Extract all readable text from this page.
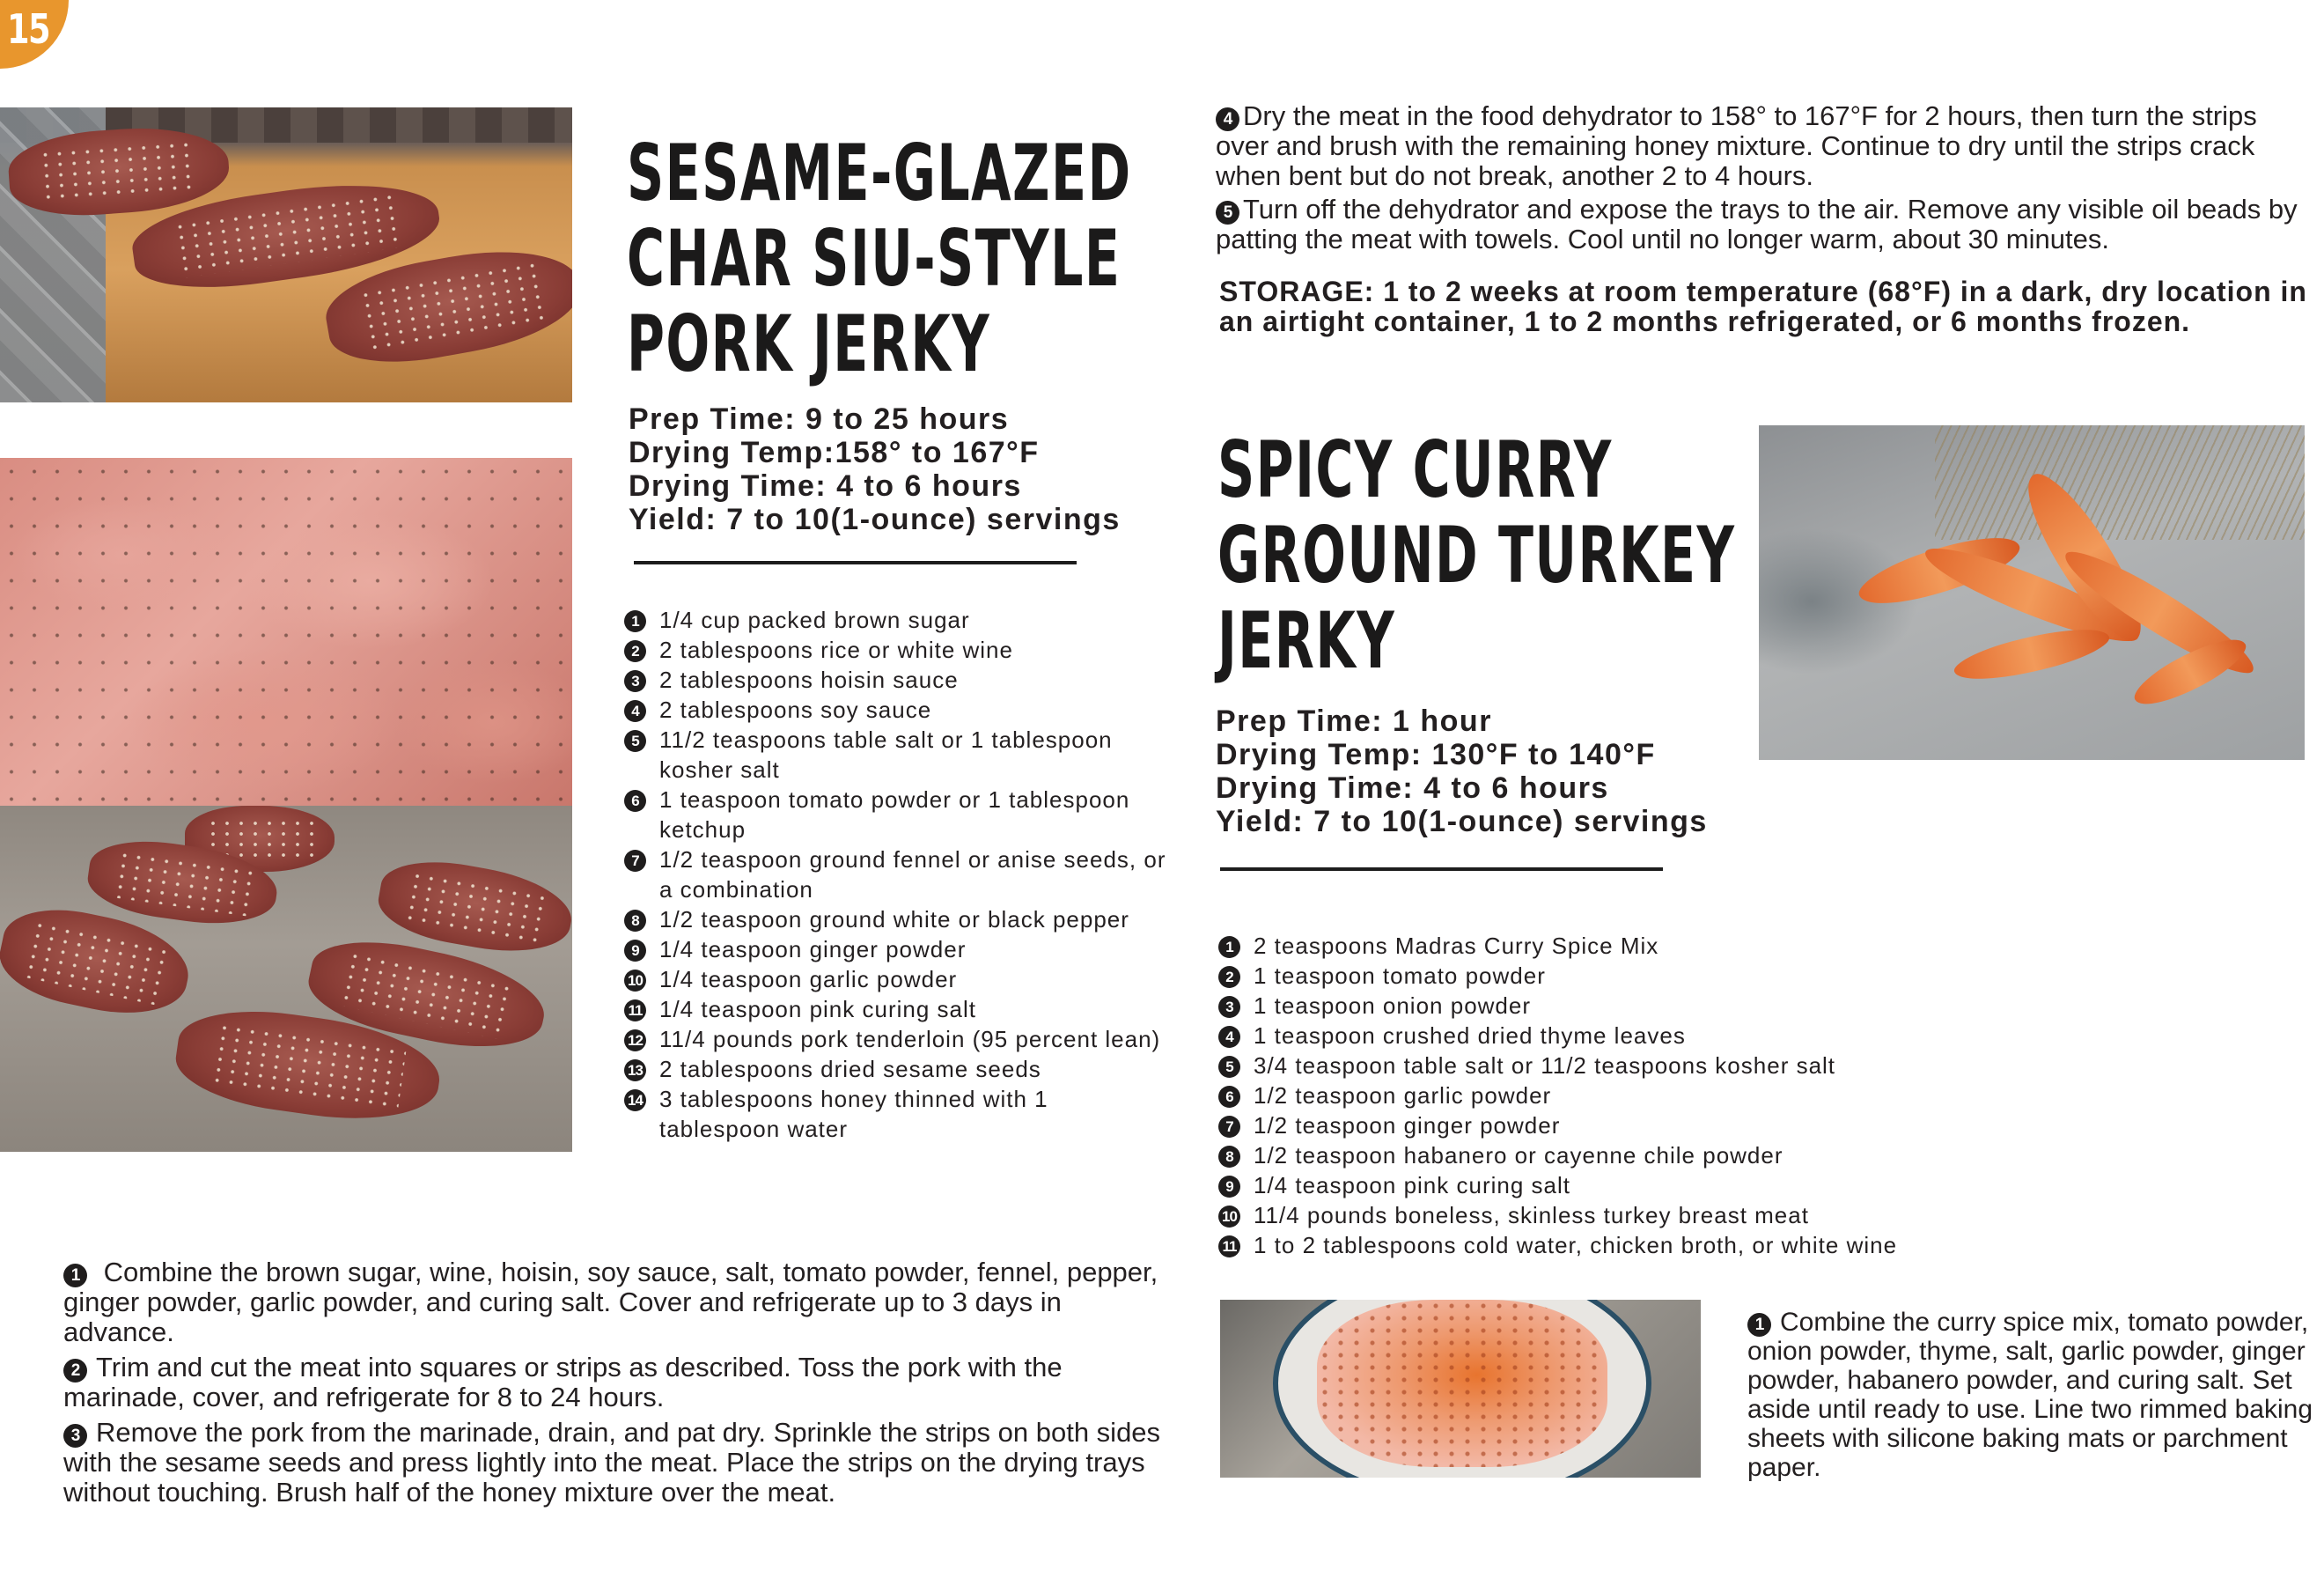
15
SESAME-GLAZED
CHAR SIU-STYLE
PORK JERKY
Prep Time: 9 to 25 hours
Drying Temp:158° to 167°F
Drying Time: 4 to 6 hours
Yield: 7 to 10(1-ounce) servings
1 1/4 cup packed brown sugar
2 2 tablespoons rice or white wine
3 2 tablespoons hoisin sauce
4 2 tablespoons soy sauce
5 11/2 teaspoons table salt or 1 tablespoon kosher salt
6 1 teaspoon tomato powder or 1 tablespoon ketchup
7 1/2 teaspoon ground fennel or anise seeds, or a combination
8 1/2 teaspoon ground white or black pepper
9 1/4 teaspoon ginger powder
10 1/4 teaspoon garlic powder
11 1/4 teaspoon pink curing salt
12 11/4 pounds pork tenderloin (95 percent lean)
13 2 tablespoons dried sesame seeds
14 3 tablespoons honey thinned with 1 tablespoon water

1 Combine the brown sugar, wine, hoisin, soy sauce, salt, tomato powder, fennel, pepper, ginger powder, garlic powder, and curing salt. Cover and refrigerate up to 3 days in advance.

2 Trim and cut the meat into squares or strips as described. Toss the pork with the marinade, cover, and refrigerate for 8 to 24 hours.

3 Remove the pork from the marinade, drain, and pat dry. Sprinkle the strips on both sides with the sesame seeds and press lightly into the meat. Place the strips on the drying trays without touching. Brush half of the honey mixture over the meat.

4 Dry the meat in the food dehydrator to 158° to 167°F for 2 hours, then turn the strips over and brush with the remaining honey mixture. Continue to dry until the strips crack when bent but do not break, another 2 to 4 hours.

5 Turn off the dehydrator and expose the trays to the air. Remove any visible oil beads by patting the meat with towels. Cool until no longer warm, about 30 minutes.

STORAGE: 1 to 2 weeks at room temperature (68°F) in a dark, dry location in an airtight container, 1 to 2 months refrigerated, or 6 months frozen.
SPICY CURRY
GROUND TURKEY
JERKY
Prep Time: 1 hour
Drying Temp: 130°F to 140°F
Drying Time: 4 to 6 hours
Yield: 7 to 10(1-ounce) servings
1 2 teaspoons Madras Curry Spice Mix
2 1 teaspoon tomato powder
3 1 teaspoon onion powder
4 1 teaspoon crushed dried thyme leaves
5 3/4 teaspoon table salt or 11/2 teaspoons kosher salt
6 1/2 teaspoon garlic powder
7 1/2 teaspoon ginger powder
8 1/2 teaspoon habanero or cayenne chile powder
9 1/4 teaspoon pink curing salt
10 11/4 pounds boneless, skinless turkey breast meat
11 1 to 2 tablespoons cold water, chicken broth, or white wine
1 Combine the curry spice mix, tomato powder, onion powder, thyme, salt, garlic powder, ginger powder, habanero powder, and curing salt. Set aside until ready to use. Line two rimmed baking sheets with silicone baking mats or parchment paper.
